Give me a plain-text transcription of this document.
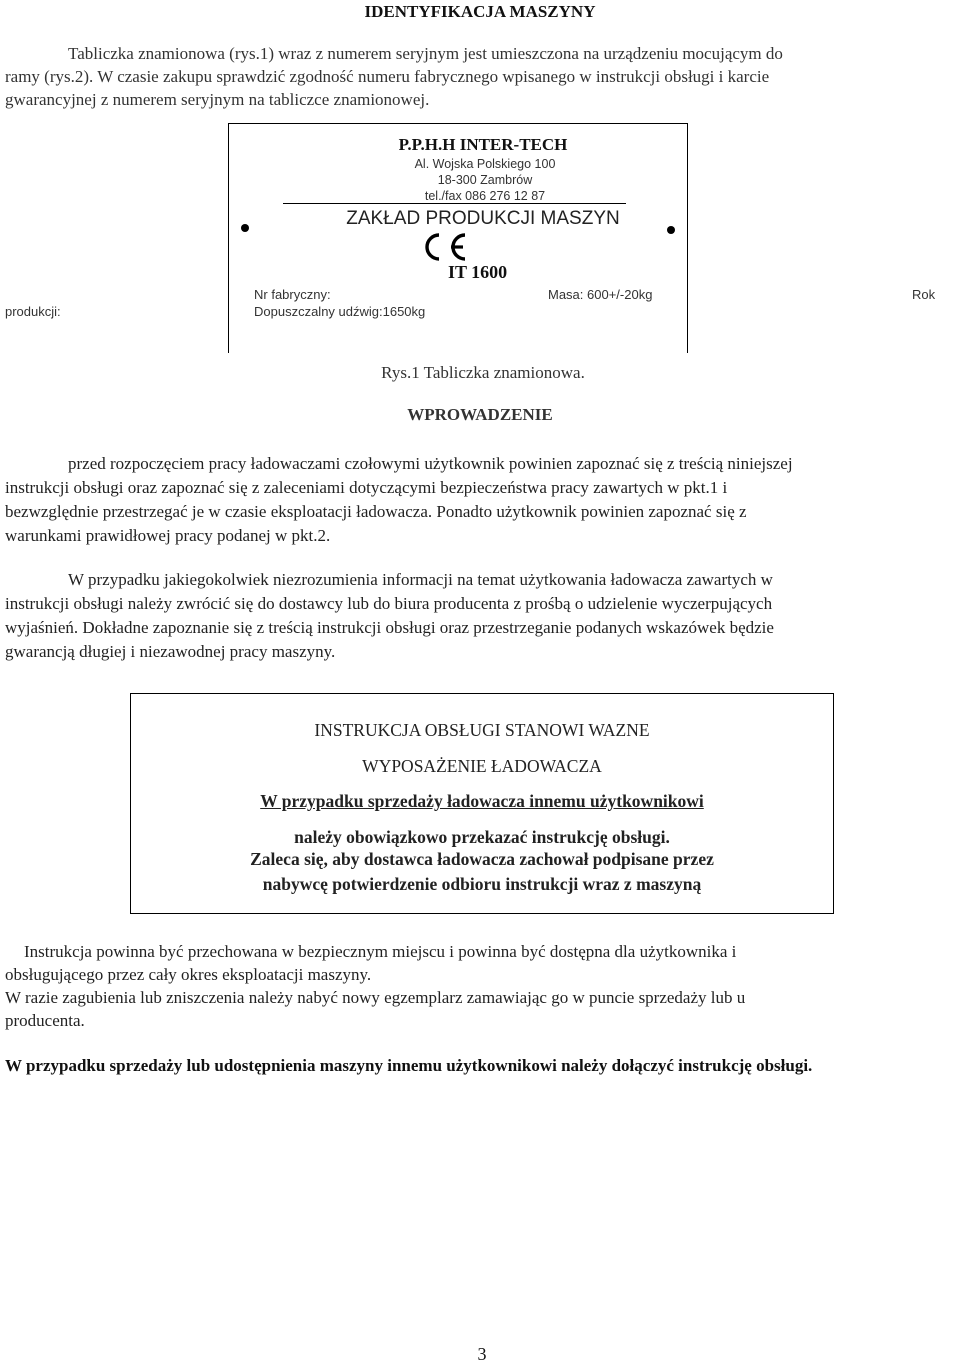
IDENTYFIKACJA MASZYNY
Tabliczka znamionowa (rys.1) wraz z numerem seryjnym jest umieszczona na urządzeniu mocującym do
ramy (rys.2). W czasie zakupu sprawdzić zgodność numeru fabrycznego wpisanego w instrukcji obsługi i karcie
gwarancyjnej z numerem seryjnym na tabliczce znamionowej.
P.P.H.H INTER-TECH
Al. Wojska Polskiego 100
18-300 Zambrów
tel./fax 086 276 12 87
ZAKŁAD PRODUKCJI MASZYN
IT 1600
Nr fabryczny:	Masa: 600+/-20kg	Rok
produkcji:	Dopuszczalny udźwig:1650kg
Rys.1 Tabliczka znamionowa.
WPROWADZENIE
przed rozpoczęciem pracy ładowaczami czołowymi użytkownik powinien zapoznać się z treścią niniejszej
instrukcji obsługi oraz zapoznać się z zaleceniami dotyczącymi bezpieczeństwa pracy zawartych w pkt.1 i
bezwzględnie przestrzegać je w czasie eksploatacji ładowacza. Ponadto użytkownik powinien zapoznać się z
warunkami prawidłowej pracy podanej w pkt.2.
W przypadku jakiegokolwiek niezrozumienia informacji na temat użytkowania ładowacza zawartych w
instrukcji obsługi należy zwrócić się do dostawcy lub do biura producenta z prośbą o udzielenie wyczerpujących
wyjaśnień. Dokładne zapoznanie się z treścią instrukcji obsługi oraz przestrzeganie podanych wskazówek będzie
gwarancją długiej i niezawodnej pracy maszyny.
INSTRUKCJA OBSŁUGI STANOWI WAZNE
WYPOSAŻENIE ŁADOWACZA
W przypadku sprzedaży ładowacza innemu użytkownikowi
należy obowiązkowo przekazać instrukcję obsługi.
Zaleca się, aby dostawca ładowacza zachował podpisane przez
nabywcę potwierdzenie odbioru instrukcji wraz z maszyną
Instrukcja powinna być przechowana w bezpiecznym miejscu i powinna być dostępna dla użytkownika i
obsługującego przez cały okres eksploatacji maszyny.
W razie zagubienia lub zniszczenia należy nabyć nowy egzemplarz zamawiając go w puncie sprzedaży lub u
producenta.
W przypadku sprzedaży lub udostępnienia maszyny innemu użytkownikowi należy dołączyć instrukcję obsługi.
3
